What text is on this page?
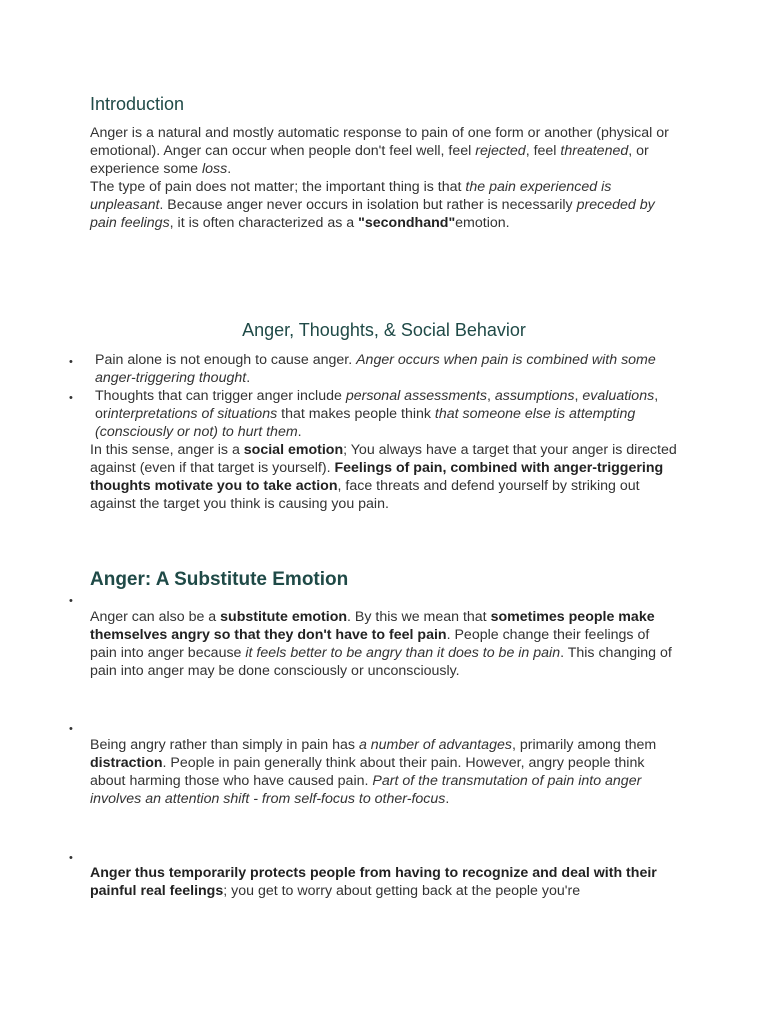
Introduction

Anger is a natural and mostly automatic response to pain of one form or another (physical or emotional). Anger can occur when people don't feel well, feel rejected, feel threatened, or experience some loss.
The type of pain does not matter; the important thing is that the pain experienced is unpleasant. Because anger never occurs in isolation but rather is necessarily preceded by pain feelings, it is often characterized as a "secondhand"emotion.

Anger, Thoughts, & Social Behavior
• Pain alone is not enough to cause anger. Anger occurs when pain is combined with some anger-triggering thought.

• Thoughts that can trigger anger include personal assessments, assumptions, evaluations, orinterpretations of situations that makes people think that someone else is attempting (consciously or not) to hurt them.

In this sense, anger is a social emotion; You always have a target that your anger is directed against (even if that target is yourself). Feelings of pain, combined with anger-triggering thoughts motivate you to take action, face threats and defend yourself by striking out against the target you think is causing you pain.

Anger: A Substitute Emotion
•

Anger can also be a substitute emotion. By this we mean that sometimes people make themselves angry so that they don't have to feel pain. People change their feelings of pain into anger because it feels better to be angry than it does to be in pain. This changing of pain into anger may be done consciously or unconsciously.

•

Being angry rather than simply in pain has a number of advantages, primarily among them distraction. People in pain generally think about their pain. However, angry people think about harming those who have caused pain. Part of the transmutation of pain into anger involves an attention shift - from self-focus to other-focus.

•

Anger thus temporarily protects people from having to recognize and deal with their painful real feelings; you get to worry about getting back at the people you're
